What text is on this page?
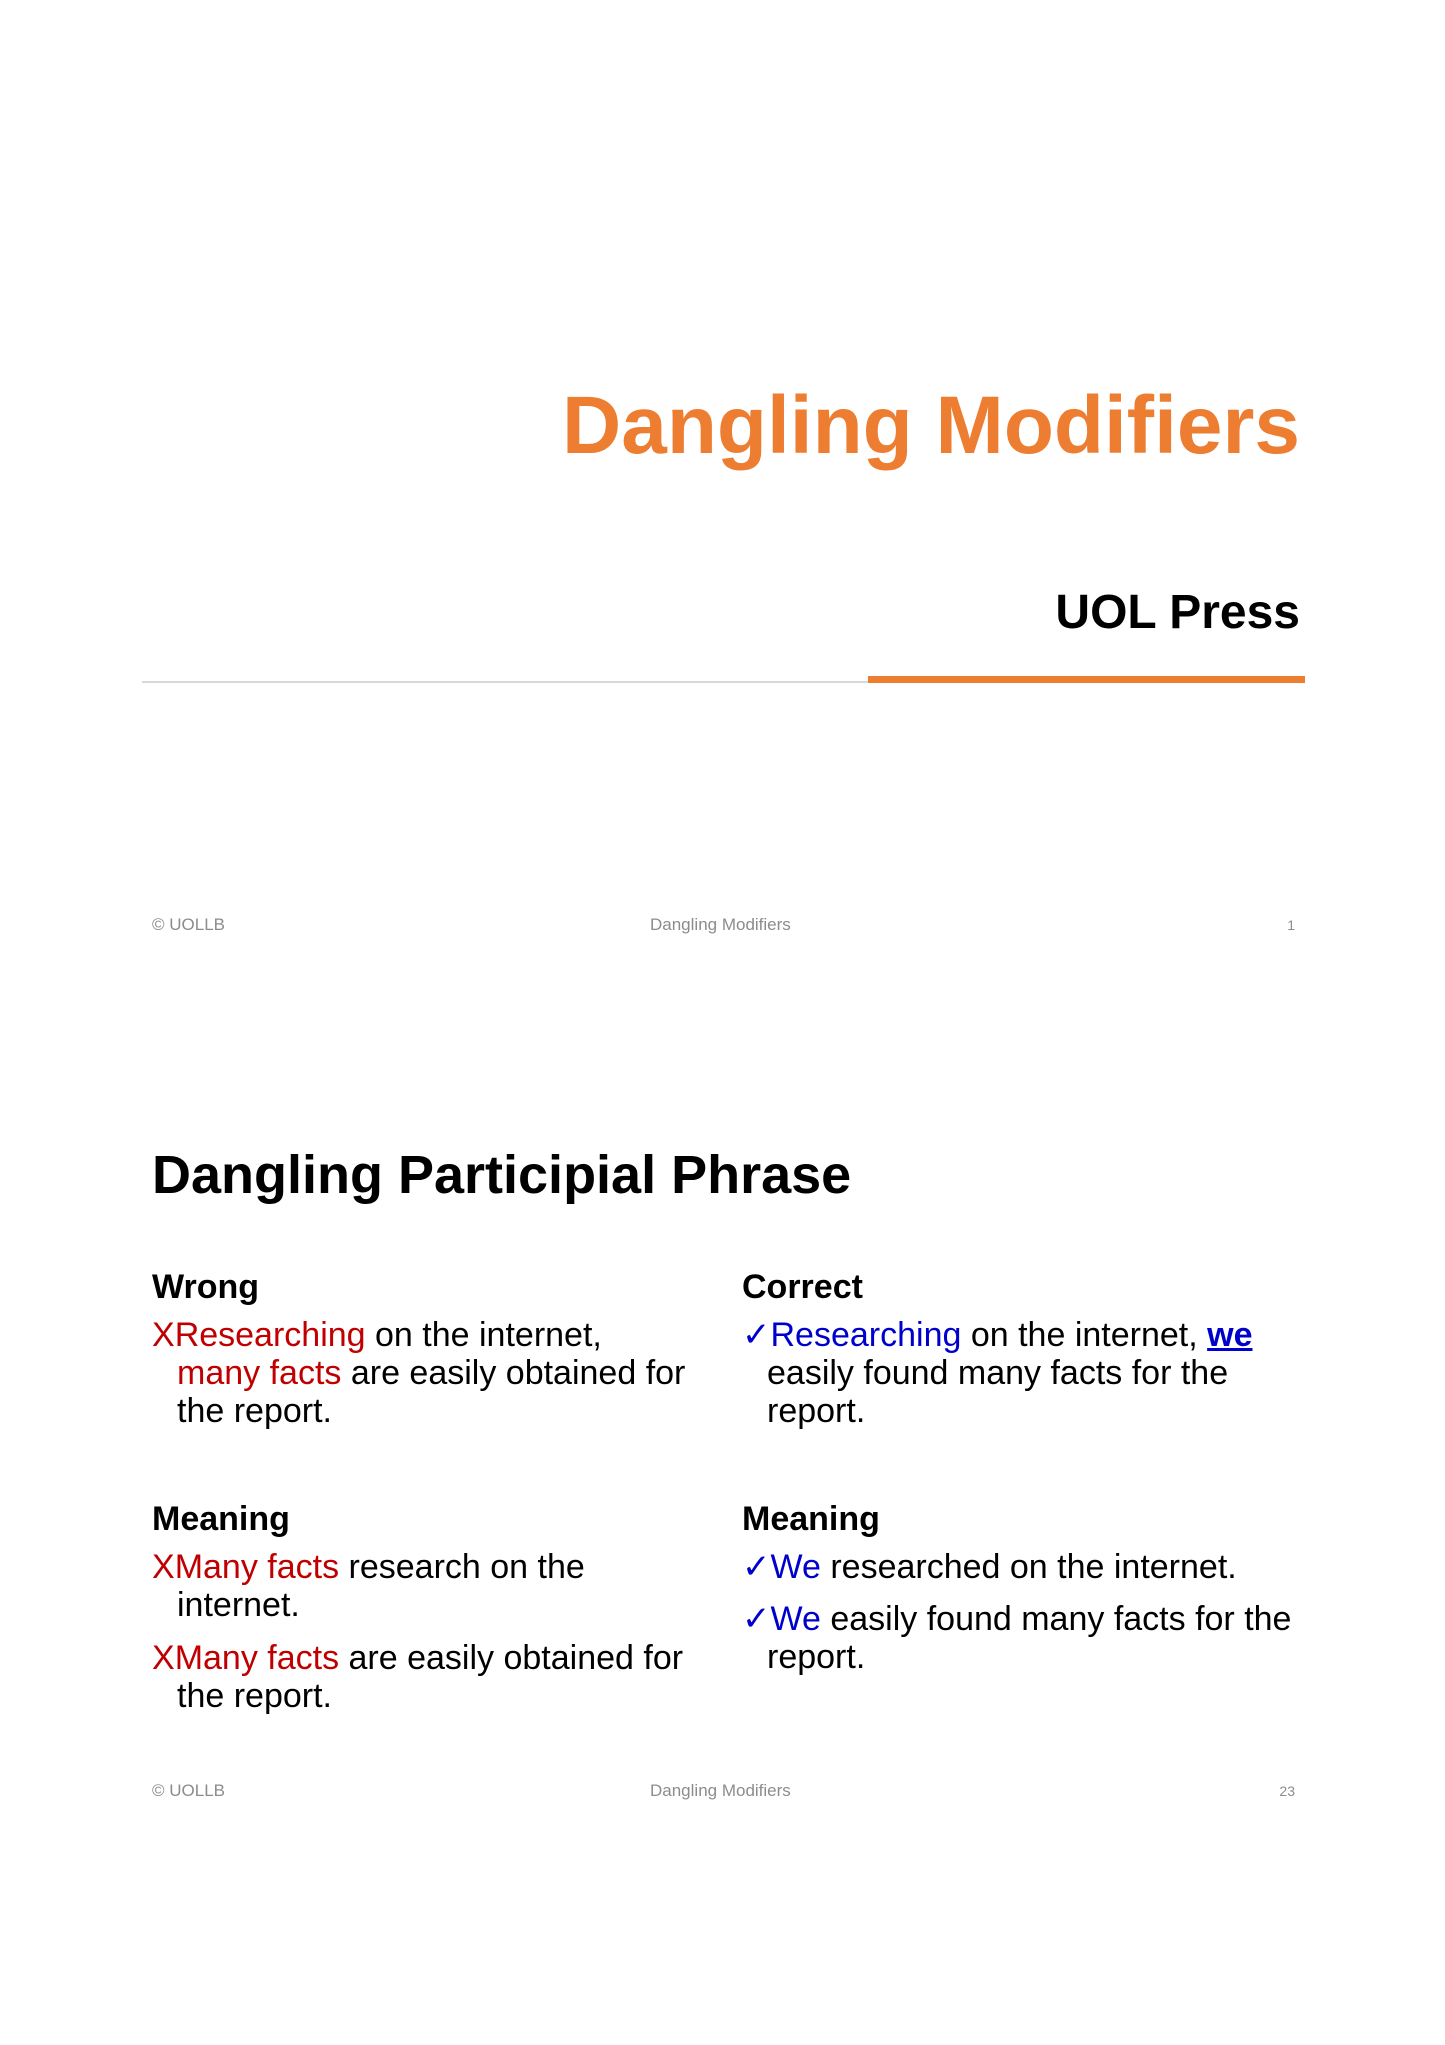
Dangling Modifiers
UOL Press
© UOLLB	Dangling Modifiers	1
Dangling Participial Phrase
Wrong
XResearching on the internet, many facts are easily obtained for the report.
Meaning
XMany facts research on the internet.
XMany facts are easily obtained for the report.
Correct
✓Researching on the internet, we easily found many facts for the report.
Meaning
✓We researched on the internet.
✓We easily found many facts for the report.
© UOLLB	Dangling Modifiers	23
